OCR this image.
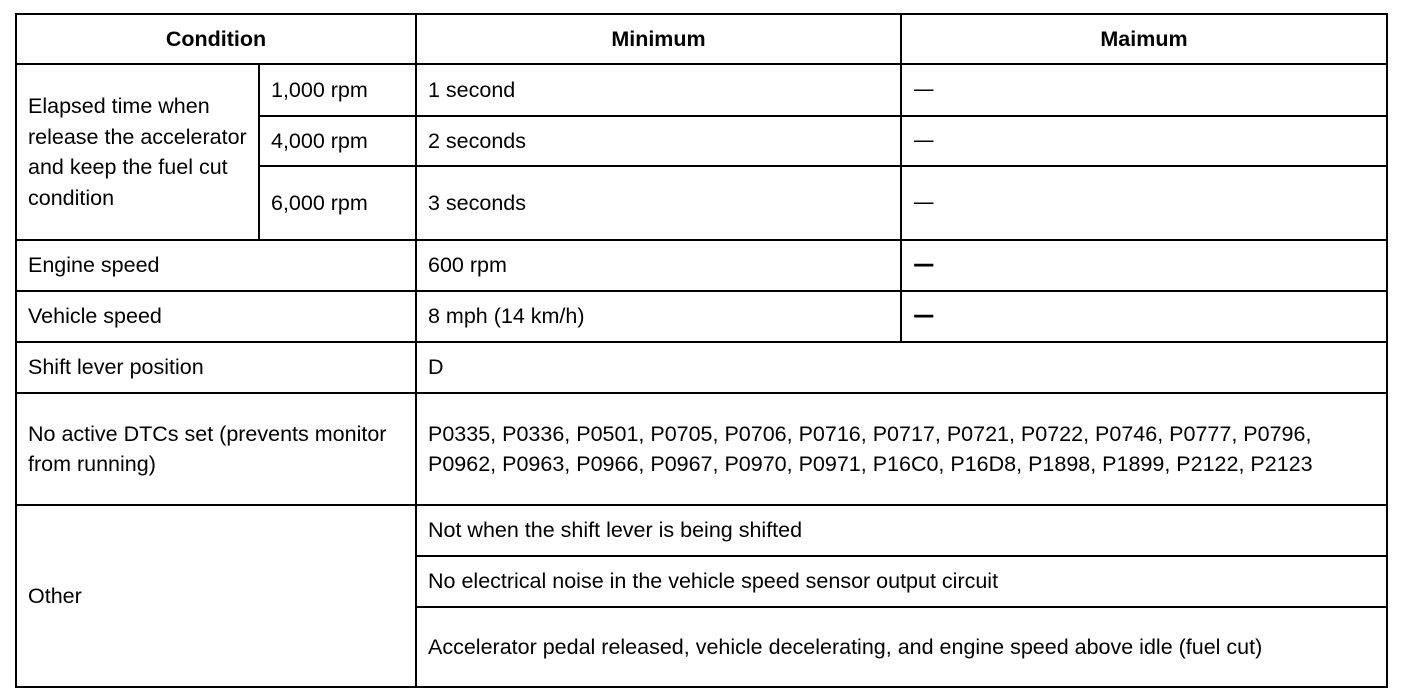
Condition		Minimum	Maimum
Elapsed time when release the accelerator and keep the fuel cut condition	1,000 rpm	1 second	—
	4,000 rpm	2 seconds	—
	6,000 rpm	3 seconds	—
Engine speed		600 rpm	—
Vehicle speed		8 mph (14 km/h)	—
Shift lever position		D	
No active DTCs set (prevents monitor from running)		P0335, P0336, P0501, P0705, P0706, P0716, P0717, P0721, P0722, P0746, P0777, P0796, P0962, P0963, P0966, P0967, P0970, P0971, P16C0, P16D8, P1898, P1899, P2122, P2123	
Other		Not when the shift lever is being shifted	
		No electrical noise in the vehicle speed sensor output circuit	
		Accelerator pedal released, vehicle decelerating, and engine speed above idle (fuel cut)	
